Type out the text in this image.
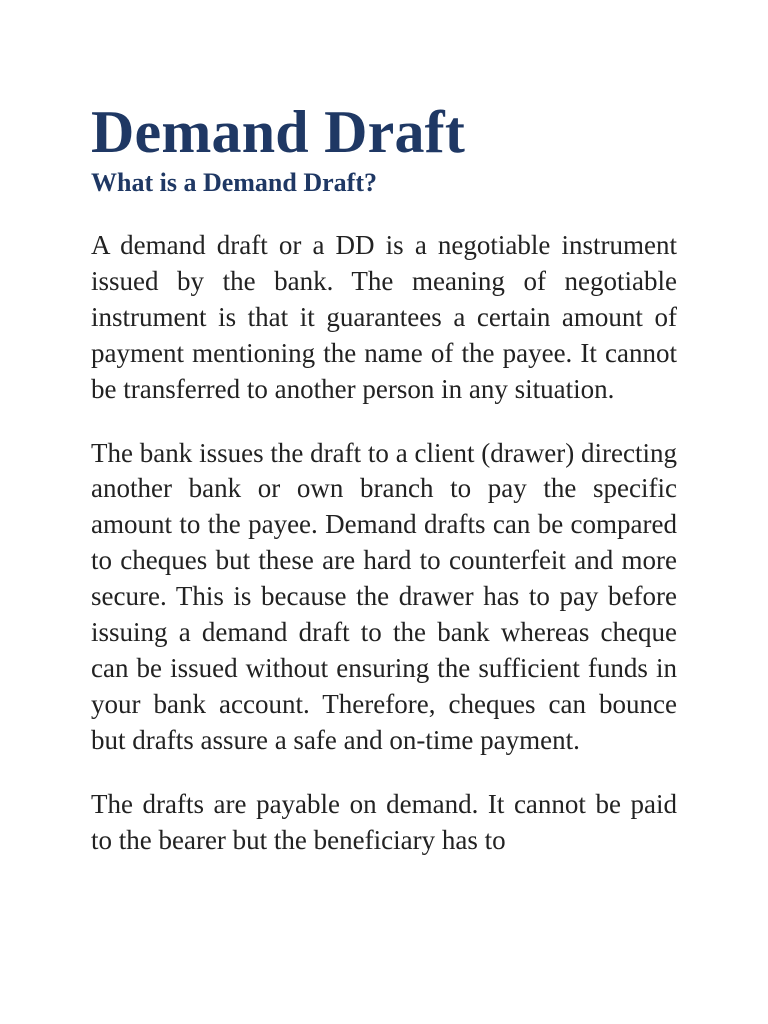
Demand Draft
What is a Demand Draft?

A demand draft or a DD is a negotiable instrument issued by the bank. The meaning of negotiable instrument is that it guarantees a certain amount of payment mentioning the name of the payee. It cannot be transferred to another person in any situation.

The bank issues the draft to a client (drawer) directing another bank or own branch to pay the specific amount to the payee. Demand drafts can be compared to cheques but these are hard to counterfeit and more secure. This is because the drawer has to pay before issuing a demand draft to the bank whereas cheque can be issued without ensuring the sufficient funds in your bank account. Therefore, cheques can bounce but drafts assure a safe and on-time payment.

The drafts are payable on demand. It cannot be paid to the bearer but the beneficiary has to
